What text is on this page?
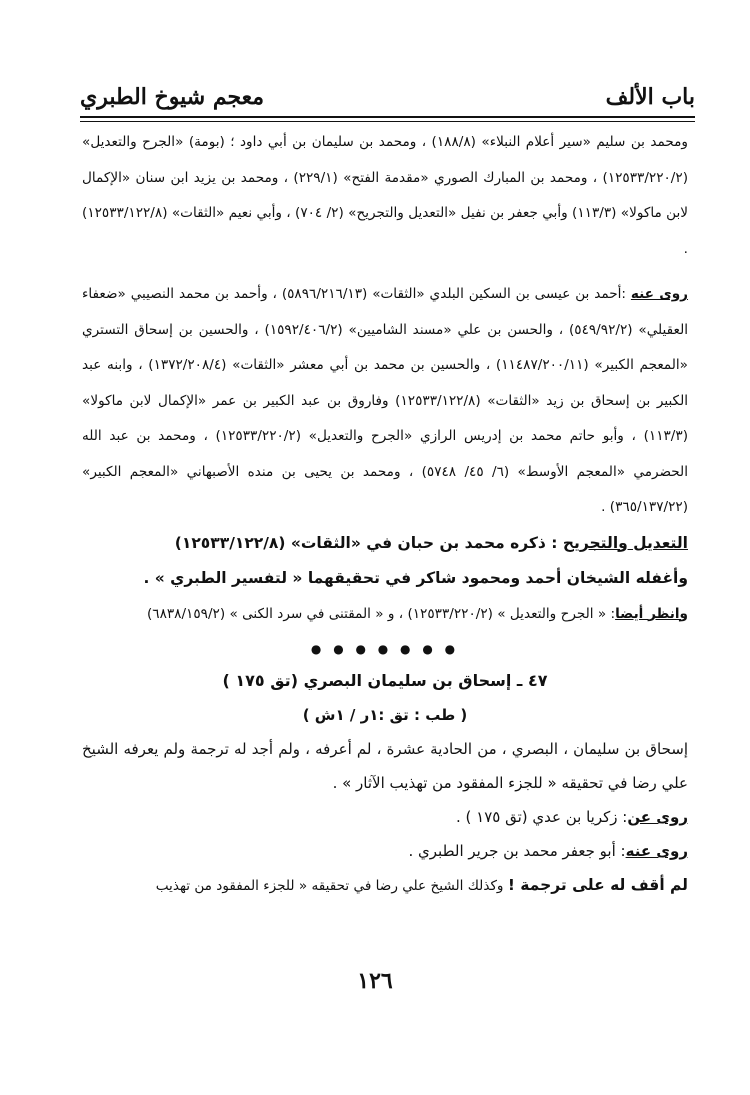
باب الألف
معجم شيوخ الطبري

ومحمد بن سليم «سير أعلام النبلاء» (١٨٨/٨) ، ومحمد بن سليمان بن أبي داود ؛ (بومة) «الجرح والتعديل» (١٢٥٣٣/٢٢٠/٢) ، ومحمد بن المبارك الصوري «مقدمة الفتح» (٢٢٩/١) ، ومحمد بن يزيد ابن سنان «الإكمال لابن ماكولا» (١١٣/٣) وأبي جعفر بن نفيل «التعديل والتجريح» (٢/ ٧٠٤) ، وأبي نعيم «الثقات» (١٢٥٣٣/١٢٢/٨) .

روى عنه :أحمد بن عيسى بن السكين البلدي «الثقات» (٥٨٩٦/٢١٦/١٣) ، وأحمد بن محمد النصيبي «ضعفاء العقيلي» (٥٤٩/٩٢/٢) ، والحسن بن علي «مسند الشاميين» (١٥٩٢/٤٠٦/٢) ، والحسين بن إسحاق التستري «المعجم الكبير» (١١٤٨٧/٢٠٠/١١) ، والحسين بن محمد بن أبي معشر «الثقات» (١٣٧٢/٢٠٨/٤) ، وابنه عبد الكبير بن إسحاق بن زيد «الثقات» (١٢٥٣٣/١٢٢/٨) وفاروق بن عبد الكبير بن عمر «الإكمال لابن ماكولا» (١١٣/٣) ، وأبو حاتم محمد بن إدريس الرازي «الجرح والتعديل» (١٢٥٣٣/٢٢٠/٢) ، ومحمد بن عبد الله الحضرمي «المعجم الأوسط» (٦/ ٤٥/ ٥٧٤٨) ، ومحمد بن يحيى بن منده الأصبهاني «المعجم الكبير» (٣٦٥/١٣٧/٢٢) .

التعديل والتجريح : ذكره محمد بن حبان في «الثقات» (١٢٥٣٣/١٢٢/٨)

وأغفله الشيخان أحمد ومحمود شاكر في تحقيقهما « لتفسير الطبري » .

وانظر أيضا: « الجرح والتعديل » (١٢٥٣٣/٢٢٠/٢) ، و « المقتنى في سرد الكنى » (٦٨٣٨/١٥٩/٢)

● ● ● ● ● ● ●
٤٧ ـ إسحاق بن سليمان البصري (تق ١٧٥ )
( طب : تق :١ر / ١ش )

إسحاق بن سليمان ، البصري ، من الحادية عشرة ، لم أعرفه ، ولم أجد له ترجمة ولم يعرفه الشيخ علي رضا في تحقيقه « للجزء المفقود من تهذيب الآثار » .

روى عن: زكريا بن عدي (تق ١٧٥ ) .

روى عنه: أبو جعفر محمد بن جرير الطبري .

لم أقف له على ترجمة ! وكذلك الشيخ علي رضا في تحقيقه « للجزء المفقود من تهذيب

١٢٦
